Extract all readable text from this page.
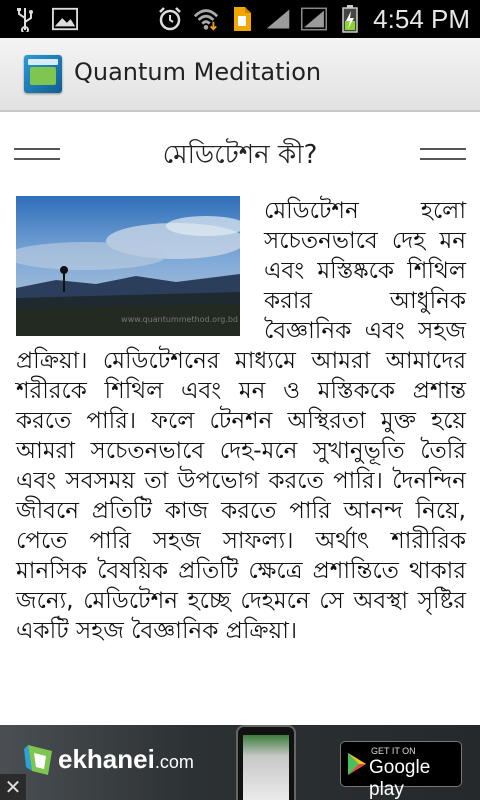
4:54 PM
Quantum Meditation
মেডিটেশন কী?
www.quantummethod.org.bd
মেডিটেশন হলো সচেতনভাবে দেহ মন এবং মস্তিষ্ককে শিথিল করার আধুনিক বৈজ্ঞানিক এবং সহজ প্রক্রিয়া। মেডিটেশনের মাধ্যমে আমরা আমাদের শরীরকে শিথিল এবং মন ও মস্তিককে প্রশান্ত করতে পারি। ফলে টেনশন অস্থিরতা মুক্ত হয়ে আমরা সচেতনভাবে দেহ-মনে সুখানুভূতি তৈরি এবং সবসময় তা উপভোগ করতে পারি। দৈনন্দিন জীবনে প্রতিটি কাজ করতে পারি আনন্দ নিয়ে, পেতে পারি সহজ সাফল্য। অর্থাৎ শারীরিক মানসিক বৈষয়িক প্রতিটি ক্ষেত্রে প্রশান্তিতে থাকার জন্যে, মেডিটেশন হচ্ছে দেহমনে সে অবস্থা সৃষ্টির একটি সহজ বৈজ্ঞানিক প্রক্রিয়া।
ekhanei.com
GET IT ON
Google play
✕
